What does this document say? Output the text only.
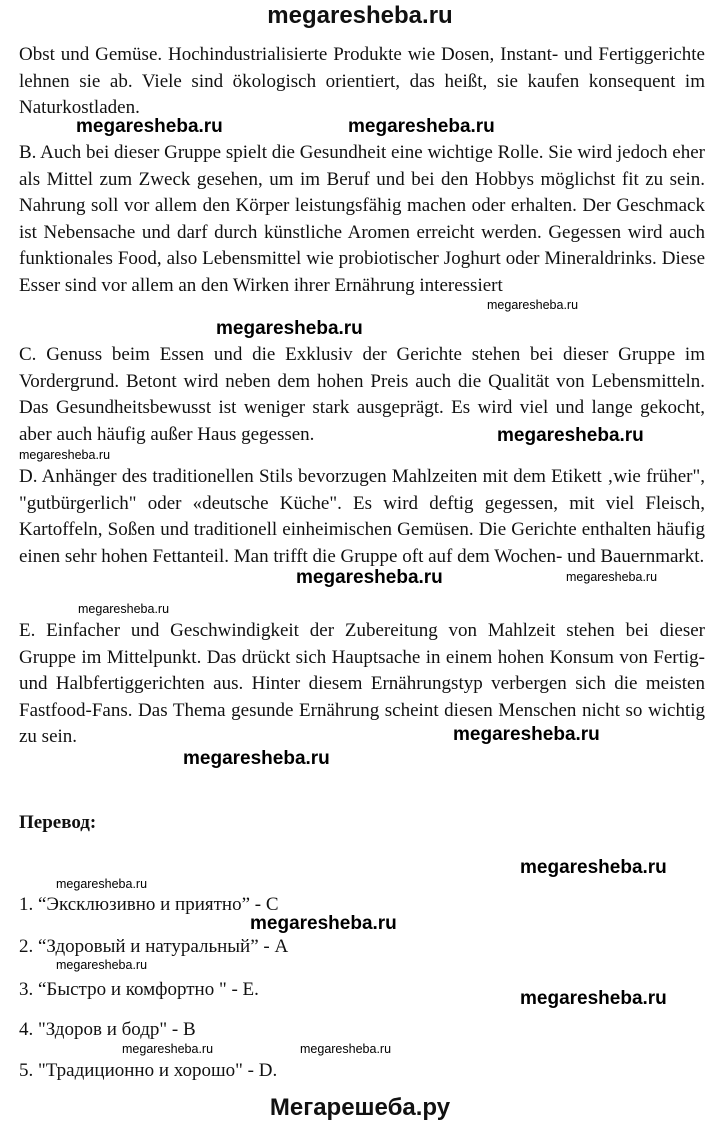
megaresheba.ru

Obst und Gemüse. Hochindustrialisierte Produkte wie Dosen, Instant- und Fertiggerichte lehnen sie ab. Viele sind ökologisch orientiert, das heißt, sie kaufen konsequent im Naturkostladen.

B. Auch bei dieser Gruppe spielt die Gesundheit eine wichtige Rolle. Sie wird jedoch eher als Mittel zum Zweck gesehen, um im Beruf und bei den Hobbys möglichst fit zu sein. Nahrung soll vor allem den Körper leistungsfähig machen oder erhalten. Der Geschmack ist Nebensache und darf durch künstliche Aromen erreicht werden. Gegessen wird auch funktionales Food, also Lebensmittel wie probiotischer Joghurt oder Mineraldrinks. Diese Esser sind vor allem an den Wirken ihrer Ernährung interessiert

C. Genuss beim Essen und die Exklusiv der Gerichte stehen bei dieser Gruppe im Vordergrund. Betont wird neben dem hohen Preis auch die Qualität von Lebensmitteln. Das Gesundheitsbewusst ist weniger stark ausgeprägt. Es wird viel und lange gekocht, aber auch häufig außer Haus gegessen.

D. Anhänger des traditionellen Stils bevorzugen Mahlzeiten mit dem Etikett ‚wie früher", "gutbürgerlich" oder «deutsche Küche". Es wird deftig gegessen, mit viel Fleisch, Kartoffeln, Soßen und traditionell einheimischen Gemüsen. Die Gerichte enthalten häufig einen sehr hohen Fettanteil. Man trifft die Gruppe oft auf dem Wochen- und Bauernmarkt.

E. Einfacher und Geschwindigkeit der Zubereitung von Mahlzeit stehen bei dieser Gruppe im Mittelpunkt. Das drückt sich Hauptsache in einem hohen Konsum von Fertig- und Halbfertiggerichten aus. Hinter diesem Ernährungstyp verbergen sich die meisten Fastfood-Fans. Das Thema gesunde Ernährung scheint diesen Menschen nicht so wichtig zu sein.

Перевод:
1. “Эксклюзивно и приятно” - С
2. “Здоровый и натуральный” - А
3. “Быстро и комфортно " - Е.
4. "Здоров и бодр" - В
5. "Традиционно и хорошо" - D.
megaresheba.ru	megaresheba.ru
megaresheba.ru
megaresheba.ru
megaresheba.ru
megaresheba.ru
megaresheba.ru	megaresheba.ru
megaresheba.ru
megaresheba.ru
megaresheba.ru
megaresheba.ru
megaresheba.ru
megaresheba.ru
megaresheba.ru
megaresheba.ru
megaresheba.ru	megaresheba.ru
Мегарешеба.ру
